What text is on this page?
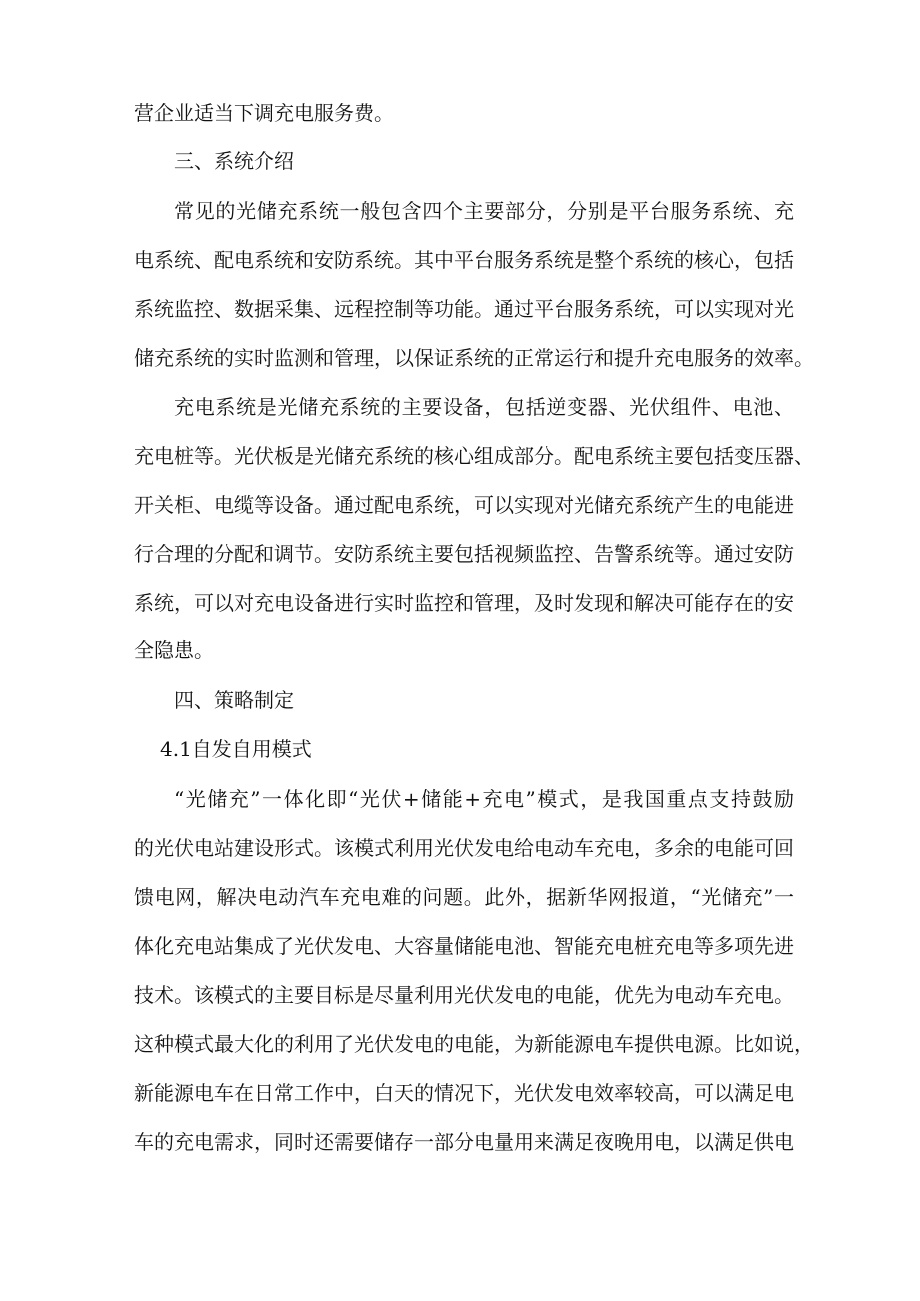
营企业适当下调充电服务费。
三、系统介绍
常见的光储充系统一般包含四个主要部分，分别是平台服务系统、充
电系统、配电系统和安防系统。其中平台服务系统是整个系统的核心，包括
系统监控、数据采集、远程控制等功能。通过平台服务系统，可以实现对光
储充系统的实时监测和管理，以保证系统的正常运行和提升充电服务的效率。
充电系统是光储充系统的主要设备，包括逆变器、光伏组件、电池、
充电桩等。光伏板是光储充系统的核心组成部分。配电系统主要包括变压器、
开关柜、电缆等设备。通过配电系统，可以实现对光储充系统产生的电能进
行合理的分配和调节。安防系统主要包括视频监控、告警系统等。通过安防
系统，可以对充电设备进行实时监控和管理，及时发现和解决可能存在的安
全隐患。
四、策略制定
4.1自发自用模式
“光储充”一体化即“光伏+储能+充电”模式，是我国重点支持鼓励
的光伏电站建设形式。该模式利用光伏发电给电动车充电，多余的电能可回
馈电网，解决电动汽车充电难的问题。此外，据新华网报道，“光储充”一
体化充电站集成了光伏发电、大容量储能电池、智能充电桩充电等多项先进
技术。该模式的主要目标是尽量利用光伏发电的电能，优先为电动车充电。
这种模式最大化的利用了光伏发电的电能，为新能源电车提供电源。比如说，
新能源电车在日常工作中，白天的情况下，光伏发电效率较高，可以满足电
车的充电需求，同时还需要储存一部分电量用来满足夜晚用电，以满足供电
